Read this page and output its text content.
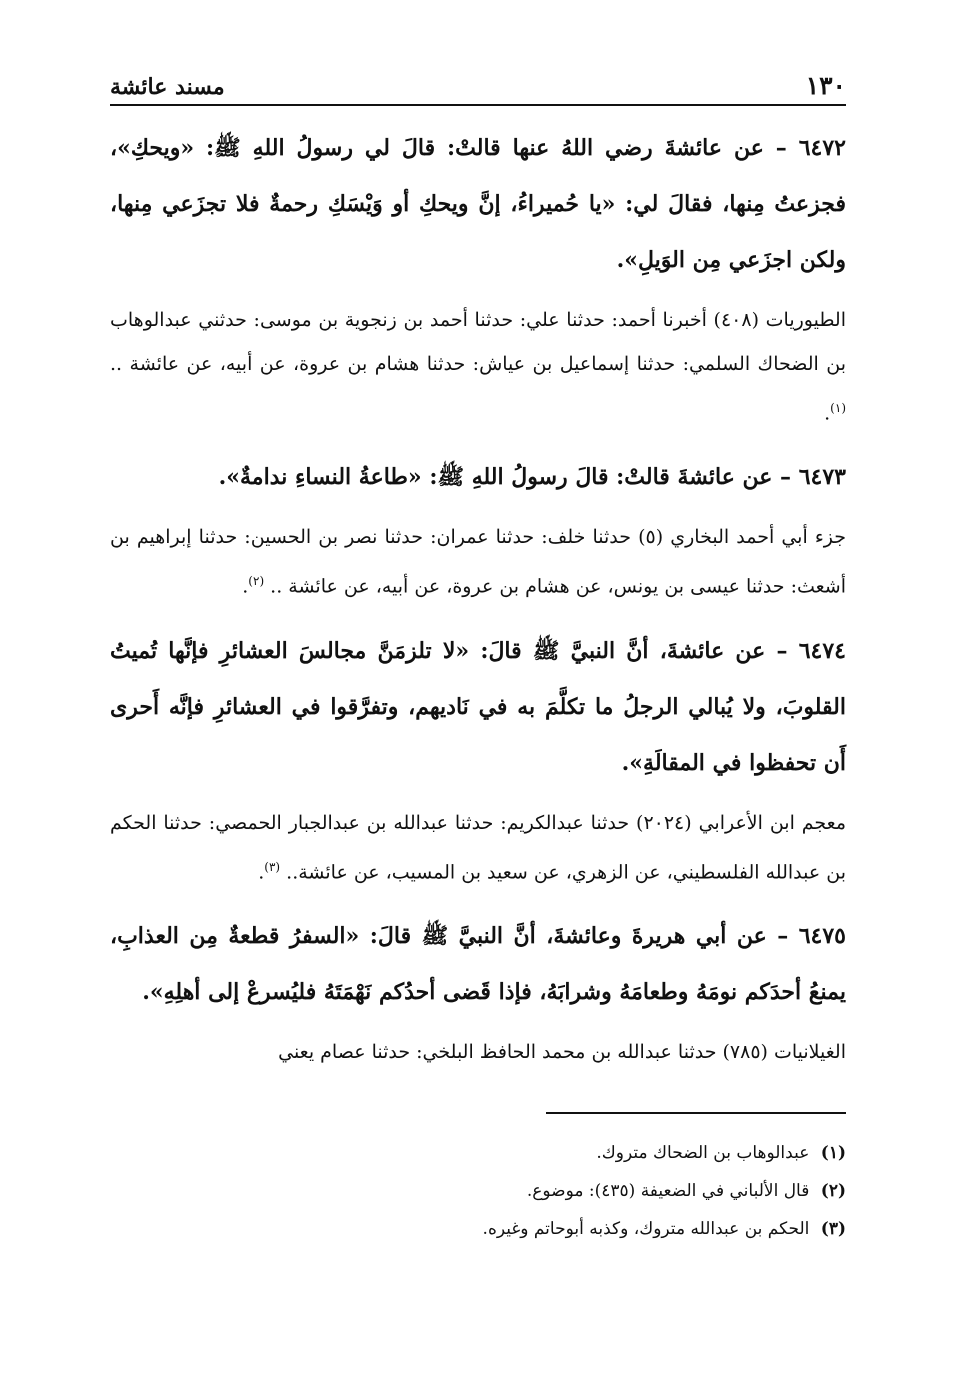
١٣٠
مسند عائشة

٦٤٧٢ – عن عائشةَ رضي اللهُ عنها قالتْ: قالَ لي رسولُ اللهِ ﷺ: «ويحكِ»، فجزعتُ مِنها، فقالَ لي: «يا حُميراءُ، إنَّ ويحكِ أو وَيْسَكِ رحمةٌ فلا تجزَعي مِنها، ولكن اجزَعي مِن الوَيلِ».

الطيوريات (٤٠٨) أخبرنا أحمد: حدثنا علي: حدثنا أحمد بن زنجوية بن موسى: حدثني عبدالوهاب بن الضحاك السلمي: حدثنا إسماعيل بن عياش: حدثنا هشام بن عروة، عن أبيه، عن عائشة .. $^{(١)}$.

٦٤٧٣ – عن عائشةَ قالتْ: قالَ رسولُ اللهِ ﷺ: «طاعةُ النساءِ ندامةٌ».

جزء أبي أحمد البخاري (٥) حدثنا خلف: حدثنا عمران: حدثنا نصر بن الحسين: حدثنا إبراهيم بن أشعث: حدثنا عيسى بن يونس، عن هشام بن عروة، عن أبيه، عن عائشة .. $^{(٢)}$.

٦٤٧٤ – عن عائشةَ، أنَّ النبيَّ ﷺ قالَ: «لا تلزمَنَّ مجالسَ العشائرِ فإنَّها تُميتُ القلوبَ، ولا يُبالي الرجلُ ما تكلَّمَ به في نَاديهم، وتفرَّقوا في العشائرِ فإنَّه أَحرى أَن تحفظوا في المقالَةِ».

معجم ابن الأعرابي (٢٠٢٤) حدثنا عبدالكريم: حدثنا عبدالله بن عبدالجبار الحمصي: حدثنا الحكم بن عبدالله الفلسطيني، عن الزهري، عن سعيد بن المسيب، عن عائشة.. $^{(٣)}$.

٦٤٧٥ – عن أبي هريرةَ وعائشةَ، أنَّ النبيَّ ﷺ قالَ: «السفرُ قطعةٌ مِن العذابِ، يمنعُ أحدَكم نومَهُ وطعامَهُ وشرابَهُ، فإذا قَضى أحدُكم نَهْمَتَهُ فليُسرعْ إلى أهلِهِ».

الغيلانيات (٧٨٥) حدثنا عبدالله بن محمد الحافظ البلخي: حدثنا عصام يعني

(١) عبدالوهاب بن الضحاك متروك.

(٢) قال الألباني في الضعيفة (٤٣٥): موضوع.

(٣) الحكم بن عبدالله متروك، وكذبه أبوحاتم وغيره.
